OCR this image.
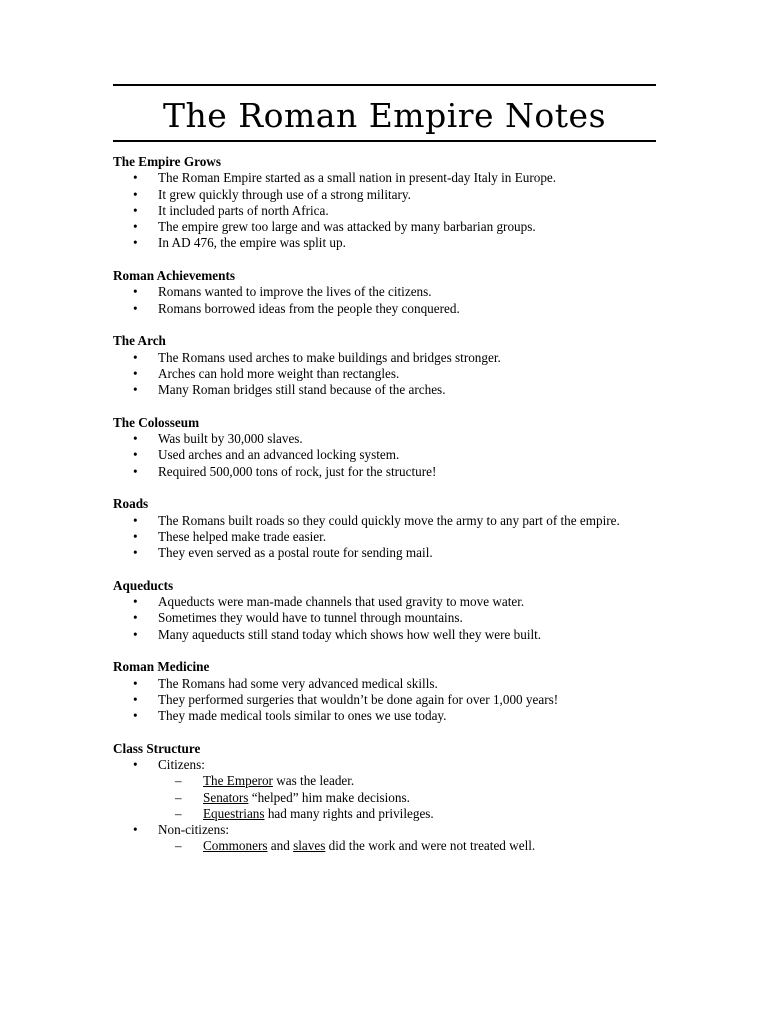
The Roman Empire Notes
The Empire Grows
• The Roman Empire started as a small nation in present-day Italy in Europe.
• It grew quickly through use of a strong military.
• It included parts of north Africa.
• The empire grew too large and was attacked by many barbarian groups.
• In AD 476, the empire was split up.
Roman Achievements
• Romans wanted to improve the lives of the citizens.
• Romans borrowed ideas from the people they conquered.
The Arch
• The Romans used arches to make buildings and bridges stronger.
• Arches can hold more weight than rectangles.
• Many Roman bridges still stand because of the arches.
The Colosseum
• Was built by 30,000 slaves.
• Used arches and an advanced locking system.
• Required 500,000 tons of rock, just for the structure!
Roads
• The Romans built roads so they could quickly move the army to any part of the empire.
• These helped make trade easier.
• They even served as a postal route for sending mail.
Aqueducts
• Aqueducts were man-made channels that used gravity to move water.
• Sometimes they would have to tunnel through mountains.
• Many aqueducts still stand today which shows how well they were built.
Roman Medicine
• The Romans had some very advanced medical skills.
• They performed surgeries that wouldn’t be done again for over 1,000 years!
• They made medical tools similar to ones we use today.
Class Structure
• Citizens:
– The Emperor was the leader.
– Senators “helped” him make decisions.
– Equestrians had many rights and privileges.
• Non-citizens:
– Commoners and slaves did the work and were not treated well.
